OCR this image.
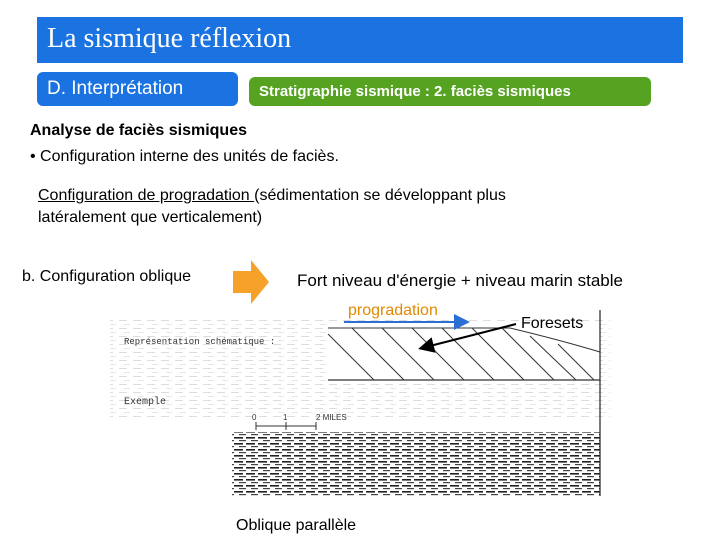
La sismique réflexion
D. Interprétation	Stratigraphie sismique : 2. faciès sismiques
Analyse de faciès sismiques
• Configuration interne des unités de faciès.
Configuration de progradation (sédimentation se développant plus
latéralement que verticalement)
b. Configuration oblique	Fort niveau d'énergie + niveau marin stable
Représentation schématique :
Exemple
0	1	2 MILES
progradation
Foresets
Oblique parallèle
